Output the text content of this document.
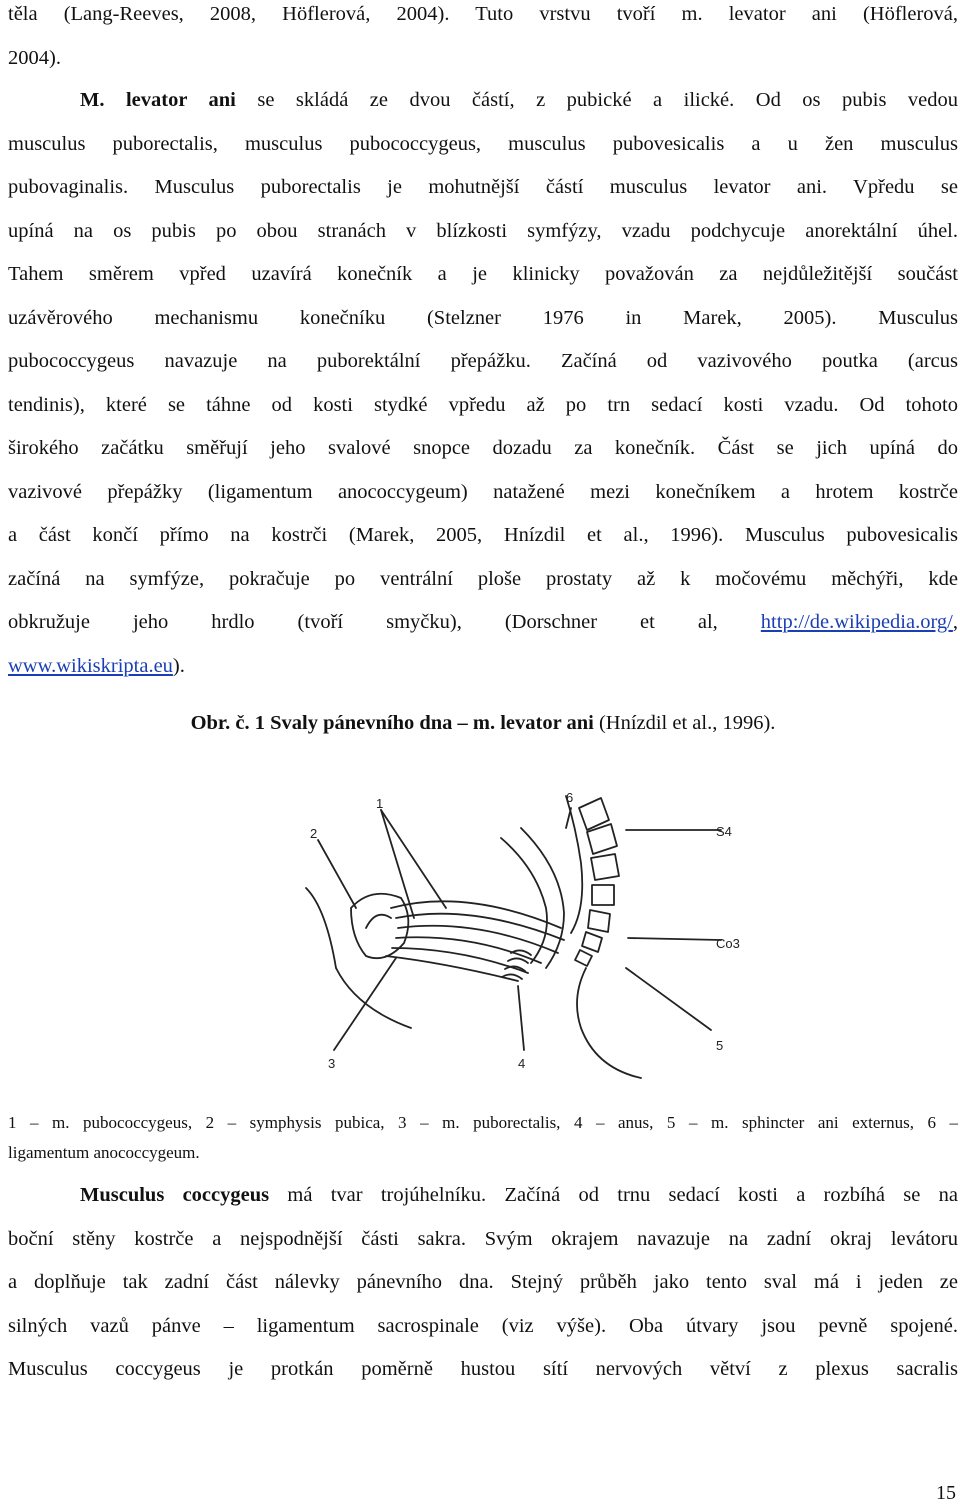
těla (Lang-Reeves, 2008, Höflerová, 2004). Tuto vrstvu tvoří m. levator ani (Höflerová,
2004).

M. levator ani se skládá ze dvou částí, z pubické a ilické. Od os pubis vedou
musculus puborectalis, musculus pubococcygeus, musculus pubovesicalis a u žen musculus
pubovaginalis. Musculus puborectalis je mohutnější částí musculus levator ani. Vpředu se
upíná na os pubis po obou stranách v blízkosti symfýzy, vzadu podchycuje anorektální úhel.
Tahem směrem vpřed uzavírá konečník a je klinicky považován za nejdůležitější součást
uzávěrového mechanismu konečníku (Stelzner 1976 in Marek, 2005). Musculus
pubococcygeus navazuje na puborektální přepážku. Začíná od vazivového poutka (arcus
tendinis), které se táhne od kosti stydké vpředu až po trn sedací kosti vzadu. Od tohoto
širokého začátku směřují jeho svalové snopce dozadu za konečník. Část se jich upíná do
vazivové přepážky (ligamentum anococcygeum) natažené mezi konečníkem a hrotem kostrče
a část končí přímo na kostrči (Marek, 2005, Hnízdil et al., 1996). Musculus pubovesicalis
začíná na symfýze, pokračuje po ventrální ploše prostaty až k močovému měchýři, kde
obkružuje jeho hrdlo (tvoří smyčku), (Dorschner et al, http://de.wikipedia.org/,
www.wikiskripta.eu).
Obr. č. 1 Svaly pánevního dna – m. levator ani (Hnízdil et al., 1996).
1
2
3	4
5
6
S4
Co3
1 – m. pubococcygeus, 2 – symphysis pubica, 3 – m. puborectalis, 4 – anus, 5 – m. sphincter ani externus, 6 –
ligamentum anococcygeum.
Musculus coccygeus má tvar trojúhelníku. Začíná od trnu sedací kosti a rozbíhá se na
boční stěny kostrče a nejspodnější části sakra. Svým okrajem navazuje na zadní okraj levátoru
a doplňuje tak zadní část nálevky pánevního dna. Stejný průběh jako tento sval má i jeden ze
silných vazů pánve – ligamentum sacrospinale (viz výše). Oba útvary jsou pevně spojené.
Musculus coccygeus je protkán poměrně hustou sítí nervových větví z plexus sacralis
15
